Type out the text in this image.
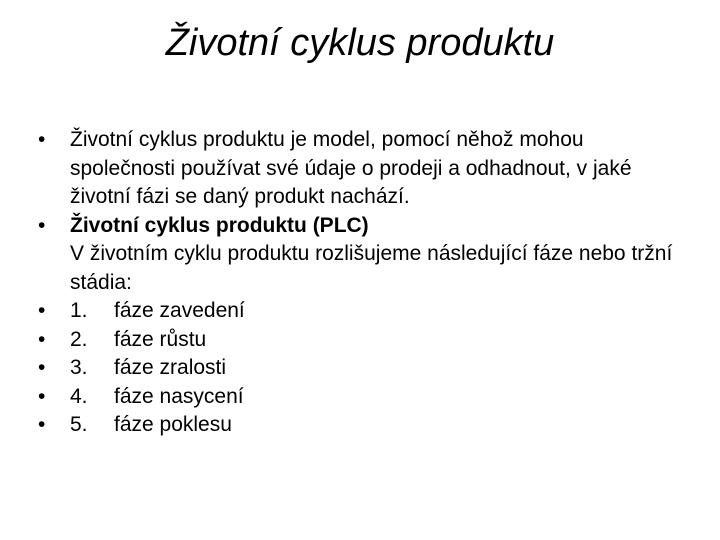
Životní cyklus produktu
•	Životní cyklus produktu je model, pomocí něhož mohou společnosti používat své údaje o prodeji a odhadnout, v jaké životní fázi se daný produkt nachází.
•	Životní cyklus produktu (PLC)
V životním cyklu produktu rozlišujeme následující fáze nebo tržní stádia:
•	1. fáze zavedení
•	2. fáze růstu
•	3. fáze zralosti
•	4. fáze nasycení
•	5. fáze poklesu
